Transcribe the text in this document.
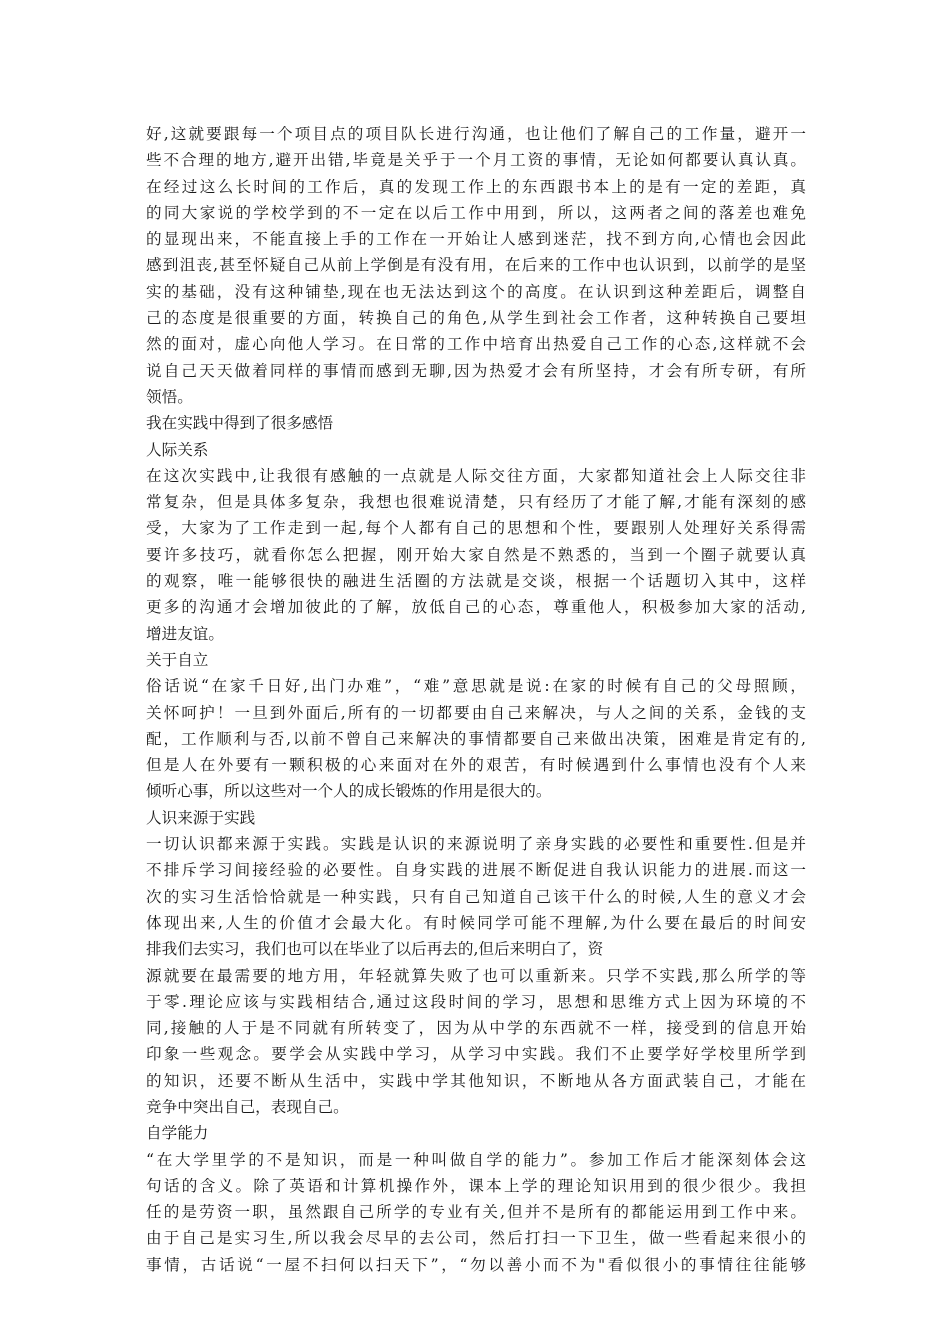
好,这就要跟每一个项目点的项目队长进行沟通，也让他们了解自己的工作量，避开一
些不合理的地方,避开出错,毕竟是关乎于一个月工资的事情，无论如何都要认真认真。
在经过这么长时间的工作后，真的发现工作上的东西跟书本上的是有一定的差距，真
的同大家说的学校学到的不一定在以后工作中用到，所以，这两者之间的落差也难免
的显现出来，不能直接上手的工作在一开始让人感到迷茫，找不到方向,心情也会因此
感到沮丧,甚至怀疑自己从前上学倒是有没有用，在后来的工作中也认识到，以前学的是坚
实的基础，没有这种铺垫,现在也无法达到这个的高度。在认识到这种差距后，调整自
己的态度是很重要的方面，转换自己的角色,从学生到社会工作者，这种转换自己要坦
然的面对，虚心向他人学习。在日常的工作中培育出热爱自己工作的心态,这样就不会
说自己天天做着同样的事情而感到无聊,因为热爱才会有所坚持，才会有所专研，有所
领悟。
我在实践中得到了很多感悟
人际关系
在这次实践中,让我很有感触的一点就是人际交往方面，大家都知道社会上人际交往非
常复杂，但是具体多复杂，我想也很难说清楚，只有经历了才能了解,才能有深刻的感
受，大家为了工作走到一起,每个人都有自己的思想和个性，要跟别人处理好关系得需
要许多技巧，就看你怎么把握，刚开始大家自然是不熟悉的，当到一个圈子就要认真
的观察，唯一能够很快的融进生活圈的方法就是交谈，根据一个话题切入其中，这样
更多的沟通才会增加彼此的了解，放低自己的心态，尊重他人，积极参加大家的活动,
增进友谊。
关于自立
俗话说“在家千日好,出门办难”，“难”意思就是说:在家的时候有自己的父母照顾，
关怀呵护！一旦到外面后,所有的一切都要由自己来解决，与人之间的关系，金钱的支
配，工作顺利与否,以前不曾自己来解决的事情都要自己来做出决策，困难是肯定有的,
但是人在外要有一颗积极的心来面对在外的艰苦，有时候遇到什么事情也没有个人来
倾听心事，所以这些对一个人的成长锻炼的作用是很大的。
人识来源于实践
一切认识都来源于实践。实践是认识的来源说明了亲身实践的必要性和重要性.但是并
不排斥学习间接经验的必要性。自身实践的进展不断促进自我认识能力的进展.而这一
次的实习生活恰恰就是一种实践，只有自己知道自己该干什么的时候,人生的意义才会
体现出来,人生的价值才会最大化。有时候同学可能不理解,为什么要在最后的时间安
排我们去实习，我们也可以在毕业了以后再去的,但后来明白了，资
源就要在最需要的地方用，年轻就算失败了也可以重新来。只学不实践,那么所学的等
于零.理论应该与实践相结合,通过这段时间的学习，思想和思维方式上因为环境的不
同,接触的人于是不同就有所转变了，因为从中学的东西就不一样，接受到的信息开始
印象一些观念。要学会从实践中学习，从学习中实践。我们不止要学好学校里所学到
的知识，还要不断从生活中，实践中学其他知识，不断地从各方面武装自己，才能在
竞争中突出自己，表现自己。
自学能力
“在大学里学的不是知识，而是一种叫做自学的能力”。参加工作后才能深刻体会这
句话的含义。除了英语和计算机操作外，课本上学的理论知识用到的很少很少。我担
任的是劳资一职，虽然跟自己所学的专业有关,但并不是所有的都能运用到工作中来。
由于自己是实习生,所以我会尽早的去公司，然后打扫一下卫生，做一些看起来很小的
事情，古话说“一屋不扫何以扫天下”，“勿以善小而不为"看似很小的事情往往能够
